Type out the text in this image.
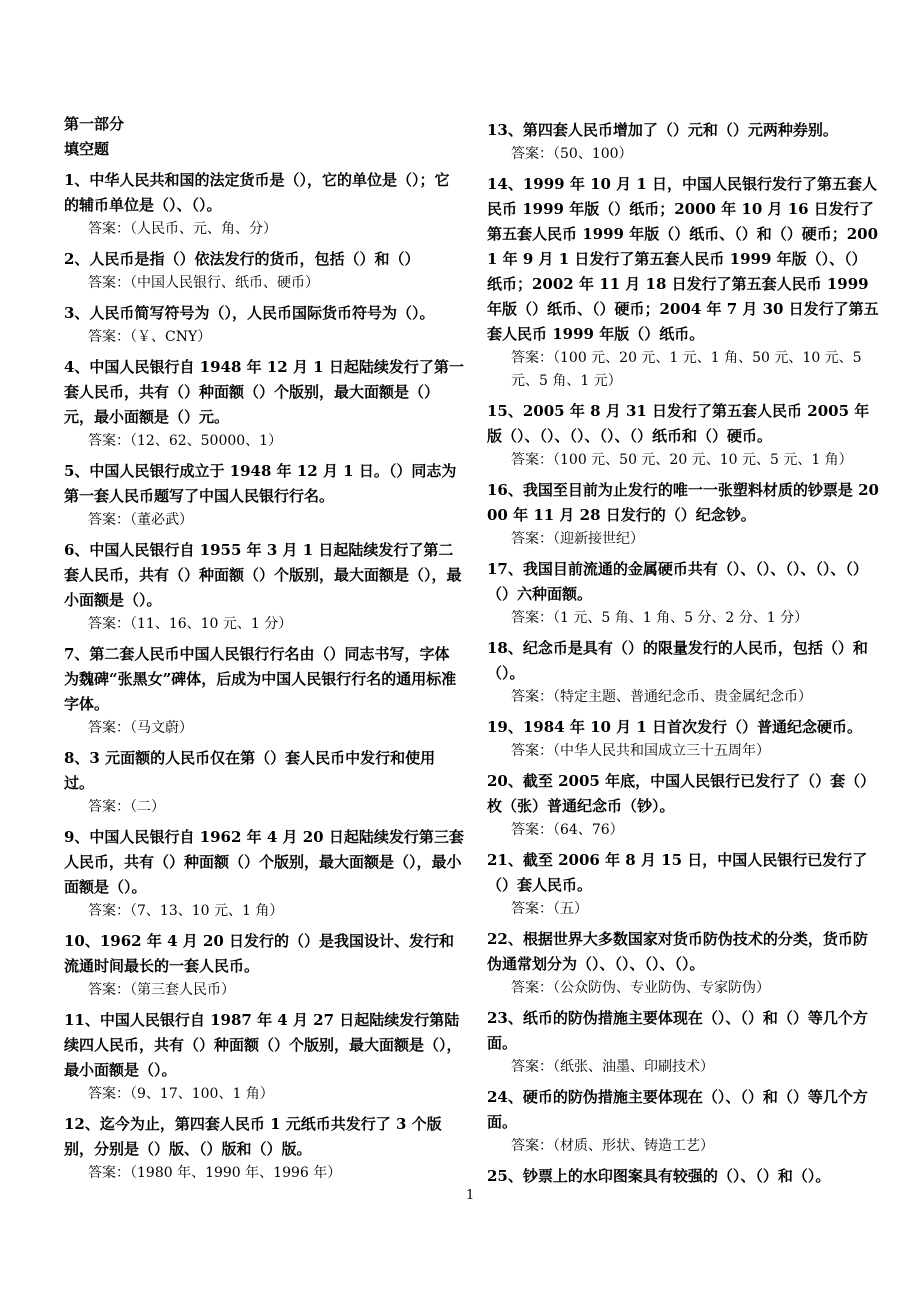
第一部分
填空题
1、中华人民共和国的法定货币是（），它的单位是（）；它的辅币单位是（）、（）。
答案：（人民币、元、角、分）
2、人民币是指（）依法发行的货币，包括（）和（）
答案：（中国人民银行、纸币、硬币）
3、人民币简写符号为（），人民币国际货币符号为（）。
答案：（￥、CNY）
4、中国人民银行自 1948 年 12 月 1 日起陆续发行了第一套人民币，共有（）种面额（）个版别，最大面额是（）元，最小面额是（）元。
答案：（12、62、50000、1）
5、中国人民银行成立于 1948 年 12 月 1 日。（）同志为第一套人民币题写了中国人民银行行名。
答案：（董必武）
6、中国人民银行自 1955 年 3 月 1 日起陆续发行了第二套人民币，共有（）种面额（）个版别，最大面额是（），最小面额是（）。
答案：（11、16、10 元、1 分）
7、第二套人民币中国人民银行行名由（）同志书写，字体为魏碑“张黑女”碑体，后成为中国人民银行行名的通用标准字体。
答案：（马文蔚）
8、3 元面额的人民币仅在第（）套人民币中发行和使用过。
答案：（二）
9、中国人民银行自 1962 年 4 月 20 日起陆续发行第三套人民币，共有（）种面额（）个版别，最大面额是（），最小面额是（）。
答案：（7、13、10 元、1 角）
10、1962 年 4 月 20 日发行的（）是我国设计、发行和流通时间最长的一套人民币。
答案：（第三套人民币）
11、中国人民银行自 1987 年 4 月 27 日起陆续发行第陆续四人民币，共有（）种面额（）个版别，最大面额是（），最小面额是（）。
答案：（9、17、100、1 角）
12、迄今为止，第四套人民币 1 元纸币共发行了 3 个版别，分别是（）版、（）版和（）版。
答案：（1980 年、1990 年、1996 年）
13、第四套人民币增加了（）元和（）元两种券别。
答案：（50、100）
14、1999 年 10 月 1 日，中国人民银行发行了第五套人民币 1999 年版（）纸币；2000 年 10 月 16 日发行了第五套人民币 1999 年版（）纸币、（）和（）硬币；2001 年 9 月 1 日发行了第五套人民币 1999 年版（）、（）纸币；2002 年 11 月 18 日发行了第五套人民币 1999 年版（）纸币、（）硬币；2004 年 7 月 30 日发行了第五套人民币 1999 年版（）纸币。
答案：（100 元、20 元、1 元、1 角、50 元、10 元、5 元、5 角、1 元）
15、2005 年 8 月 31 日发行了第五套人民币 2005 年版（）、（）、（）、（）、（）纸币和（）硬币。
答案：（100 元、50 元、20 元、10 元、5 元、1 角）
16、我国至目前为止发行的唯一一张塑料材质的钞票是 2000 年 11 月 28 日发行的（）纪念钞。
答案：（迎新接世纪）
17、我国目前流通的金属硬币共有（）、（）、（）、（）、（）（）六种面额。
答案：（1 元、5 角、1 角、5 分、2 分、1 分）
18、纪念币是具有（）的限量发行的人民币，包括（）和（）。
答案：（特定主题、普通纪念币、贵金属纪念币）
19、1984 年 10 月 1 日首次发行（）普通纪念硬币。
答案：（中华人民共和国成立三十五周年）
20、截至 2005 年底，中国人民银行已发行了（）套（）枚（张）普通纪念币（钞）。
答案：（64、76）
21、截至 2006 年 8 月 15 日，中国人民银行已发行了（）套人民币。
答案：（五）
22、根据世界大多数国家对货币防伪技术的分类，货币防伪通常划分为（）、（）、（）、（）。
答案：（公众防伪、专业防伪、专家防伪）
23、纸币的防伪措施主要体现在（）、（）和（）等几个方面。
答案：（纸张、油墨、印刷技术）
24、硬币的防伪措施主要体现在（）、（）和（）等几个方面。
答案：（材质、形状、铸造工艺）
25、钞票上的水印图案具有较强的（）、（）和（）。
1
